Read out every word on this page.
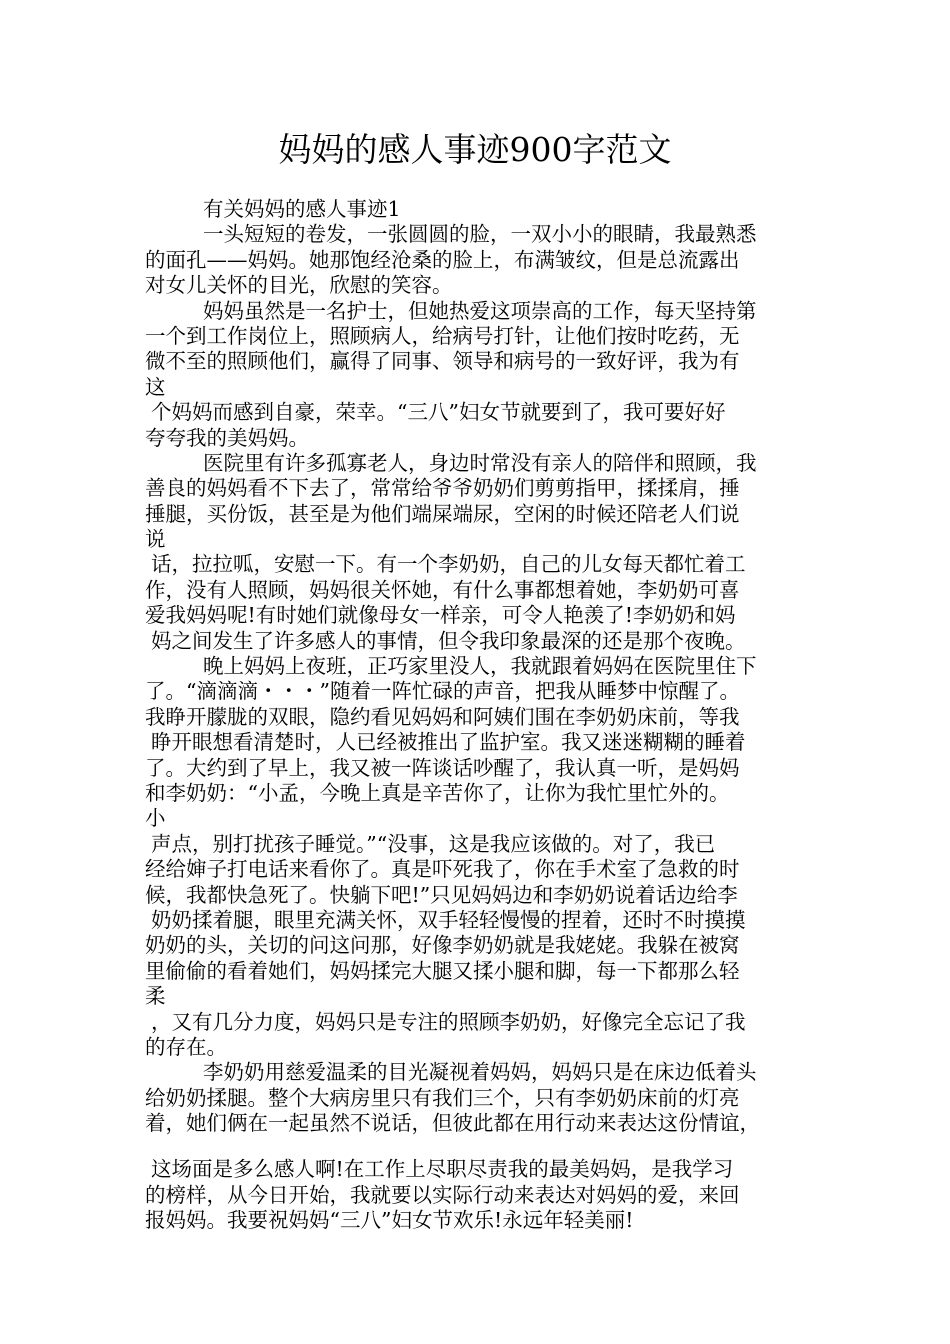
妈妈的感人事迹900字范文
有关妈妈的感人事迹1
一头短短的卷发，一张圆圆的脸，一双小小的眼睛，我最熟悉
的面孔——妈妈。她那饱经沧桑的脸上，布满皱纹，但是总流露出
对女儿关怀的目光，欣慰的笑容。
妈妈虽然是一名护士，但她热爱这项崇高的工作，每天坚持第
一个到工作岗位上，照顾病人，给病号打针，让他们按时吃药，无
微不至的照顾他们，赢得了同事、领导和病号的一致好评，我为有
这
个妈妈而感到自豪，荣幸。“三八”妇女节就要到了，我可要好好
夸夸我的美妈妈。
医院里有许多孤寡老人，身边时常没有亲人的陪伴和照顾，我
善良的妈妈看不下去了，常常给爷爷奶奶们剪剪指甲，揉揉肩，捶
捶腿，买份饭，甚至是为他们端屎端尿，空闲的时候还陪老人们说
说
话，拉拉呱，安慰一下。有一个李奶奶，自己的儿女每天都忙着工
作，没有人照顾，妈妈很关怀她，有什么事都想着她，李奶奶可喜
爱我妈妈呢!有时她们就像母女一样亲，可令人艳羡了!李奶奶和妈
妈之间发生了许多感人的事情，但令我印象最深的还是那个夜晚。
晚上妈妈上夜班，正巧家里没人，我就跟着妈妈在医院里住下
了。“滴滴滴・・・”随着一阵忙碌的声音，把我从睡梦中惊醒了。
我睁开朦胧的双眼，隐约看见妈妈和阿姨们围在李奶奶床前，等我
睁开眼想看清楚时，人已经被推出了监护室。我又迷迷糊糊的睡着
了。大约到了早上，我又被一阵谈话吵醒了，我认真一听，是妈妈
和李奶奶：“小孟，今晚上真是辛苦你了，让你为我忙里忙外的。
小
声点，别打扰孩子睡觉。”“没事，这是我应该做的。对了，我已
经给婶子打电话来看你了。真是吓死我了，你在手术室了急救的时
候，我都快急死了。快躺下吧!”只见妈妈边和李奶奶说着话边给李
奶奶揉着腿，眼里充满关怀，双手轻轻慢慢的捏着，还时不时摸摸
奶奶的头，关切的问这问那，好像李奶奶就是我姥姥。我躲在被窝
里偷偷的看着她们，妈妈揉完大腿又揉小腿和脚，每一下都那么轻
柔
，又有几分力度，妈妈只是专注的照顾李奶奶，好像完全忘记了我
的存在。
李奶奶用慈爱温柔的目光凝视着妈妈，妈妈只是在床边低着头
给奶奶揉腿。整个大病房里只有我们三个，只有李奶奶床前的灯亮
着，她们俩在一起虽然不说话，但彼此都在用行动来表达这份情谊，
这场面是多么感人啊!在工作上尽职尽责我的最美妈妈，是我学习
的榜样，从今日开始，我就要以实际行动来表达对妈妈的爱，来回
报妈妈。我要祝妈妈“三八”妇女节欢乐!永远年轻美丽!
